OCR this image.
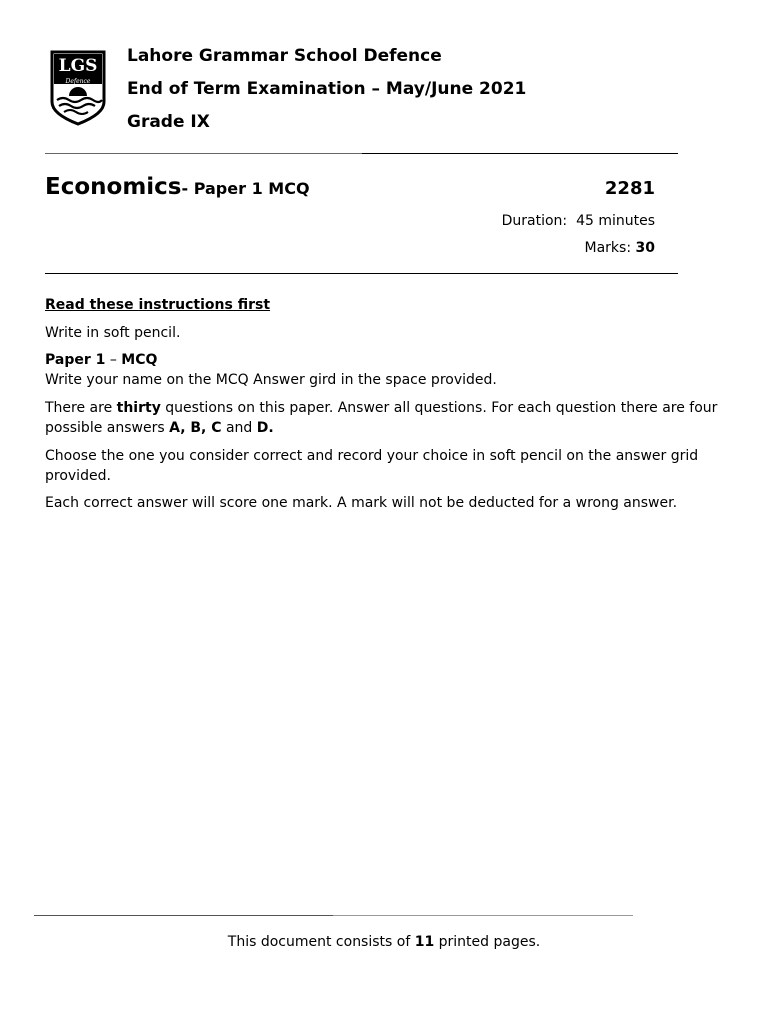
LGS
Defence
Lahore Grammar School Defence
End of Term Examination – May/June 2021
Grade IX
Economics- Paper 1 MCQ	2281
Duration: 45 minutes
Marks: 30
Read these instructions first
Write in soft pencil.
Paper 1 – MCQ
Write your name on the MCQ Answer gird in the space provided.
There are thirty questions on this paper. Answer all questions. For each question there are four possible answers A, B, C and D.
Choose the one you consider correct and record your choice in soft pencil on the answer grid provided.
Each correct answer will score one mark. A mark will not be deducted for a wrong answer.
This document consists of 11 printed pages.
